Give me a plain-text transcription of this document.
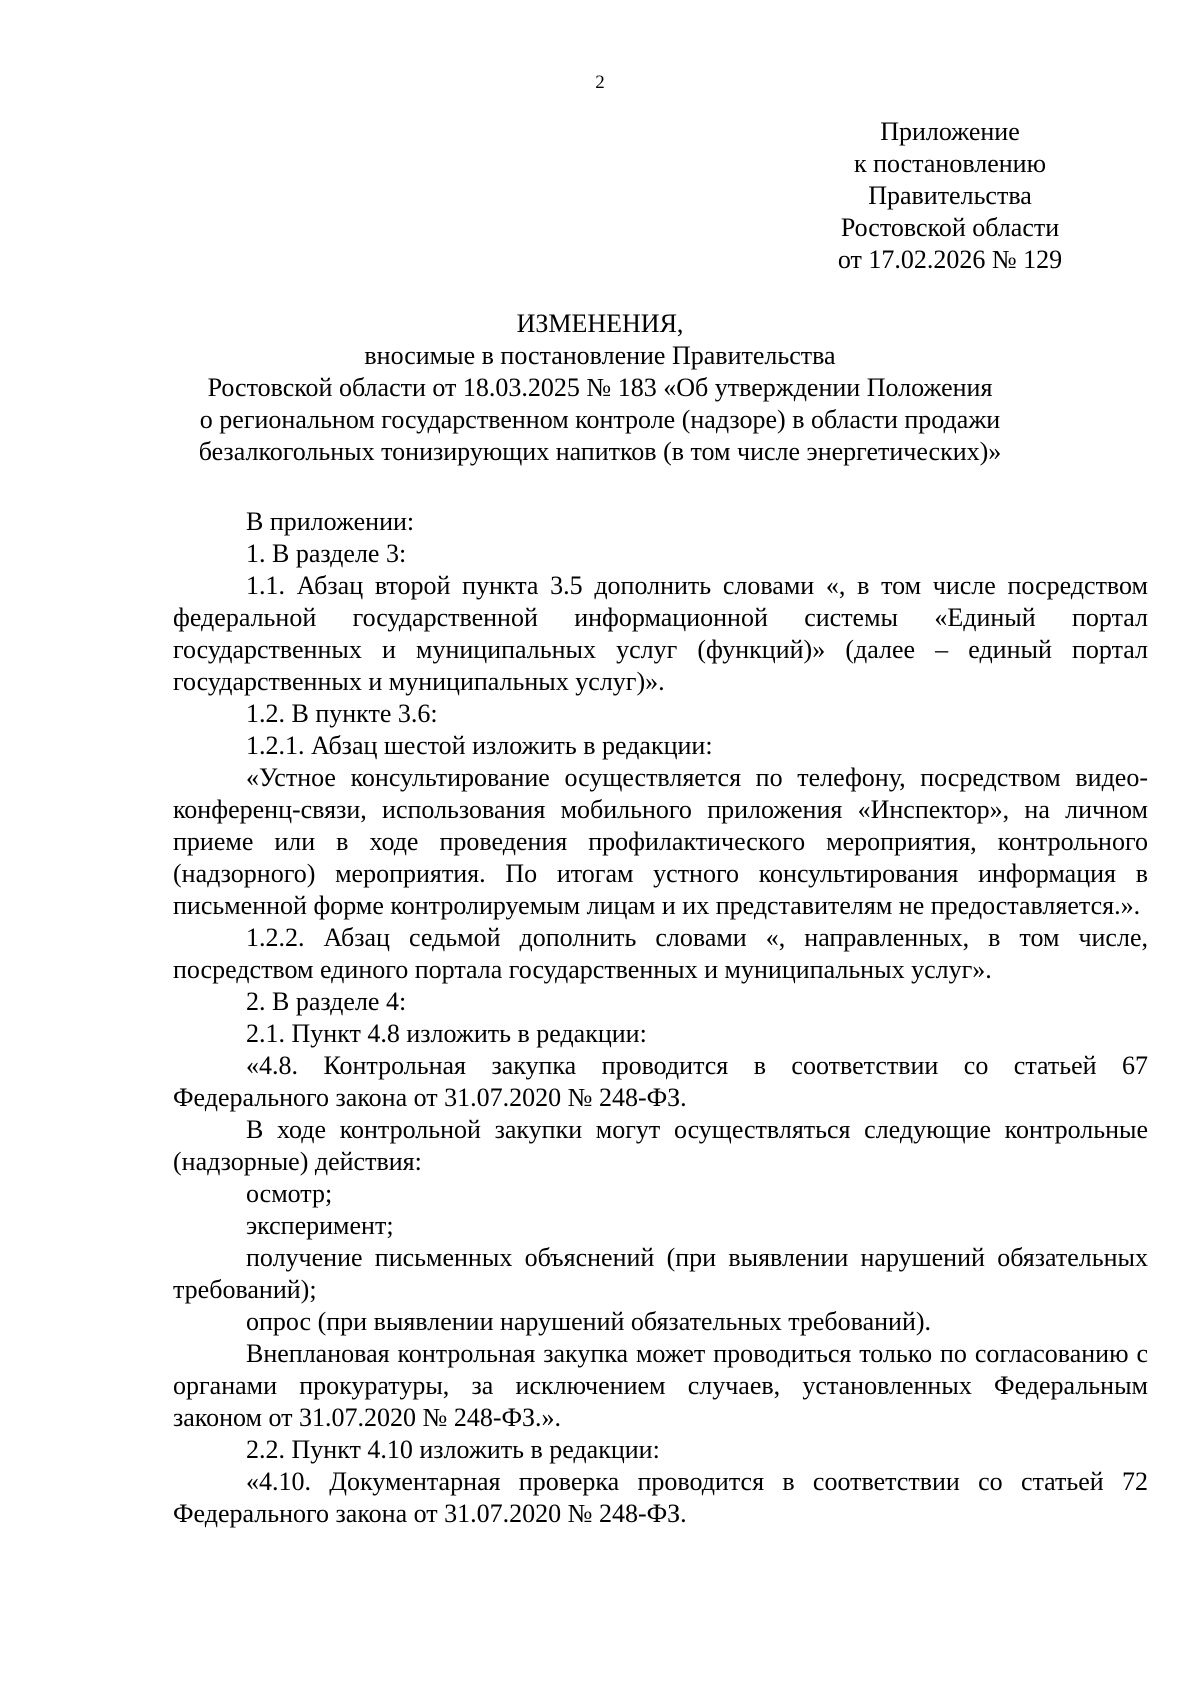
2
Приложение
к постановлению
Правительства
Ростовской области
от 17.02.2026 № 129
ИЗМЕНЕНИЯ,
вносимые в постановление Правительства
Ростовской области от 18.03.2025 № 183 «Об утверждении Положения
о региональном государственном контроле (надзоре) в области продажи
безалкогольных тонизирующих напитков (в том числе энергетических)»

В приложении:

1. В разделе 3:

1.1. Абзац второй пункта 3.5 дополнить словами «, в том числе посредством федеральной государственной информационной системы «Единый портал государственных и муниципальных услуг (функций)» (далее – единый портал государственных и муниципальных услуг)».

1.2. В пункте 3.6:

1.2.1. Абзац шестой изложить в редакции:

«Устное консультирование осуществляется по телефону, посредством видео-конференц-связи, использования мобильного приложения «Инспектор», на личном приеме или в ходе проведения профилактического мероприятия, контрольного (надзорного) мероприятия. По итогам устного консультирования информация в письменной форме контролируемым лицам и их представителям не предоставляется.».

1.2.2. Абзац седьмой дополнить словами «, направленных, в том числе, посредством единого портала государственных и муниципальных услуг».

2. В разделе 4:

2.1. Пункт 4.8 изложить в редакции:

«4.8. Контрольная закупка проводится в соответствии со статьей 67 Федерального закона от 31.07.2020 № 248-ФЗ.

В ходе контрольной закупки могут осуществляться следующие контрольные (надзорные) действия:

осмотр;

эксперимент;

получение письменных объяснений (при выявлении нарушений обязательных требований);

опрос (при выявлении нарушений обязательных требований).

Внеплановая контрольная закупка может проводиться только по согласованию с органами прокуратуры, за исключением случаев, установленных Федеральным законом от 31.07.2020 № 248-ФЗ.».

2.2. Пункт 4.10 изложить в редакции:

«4.10. Документарная проверка проводится в соответствии со статьей 72 Федерального закона от 31.07.2020 № 248-ФЗ.
